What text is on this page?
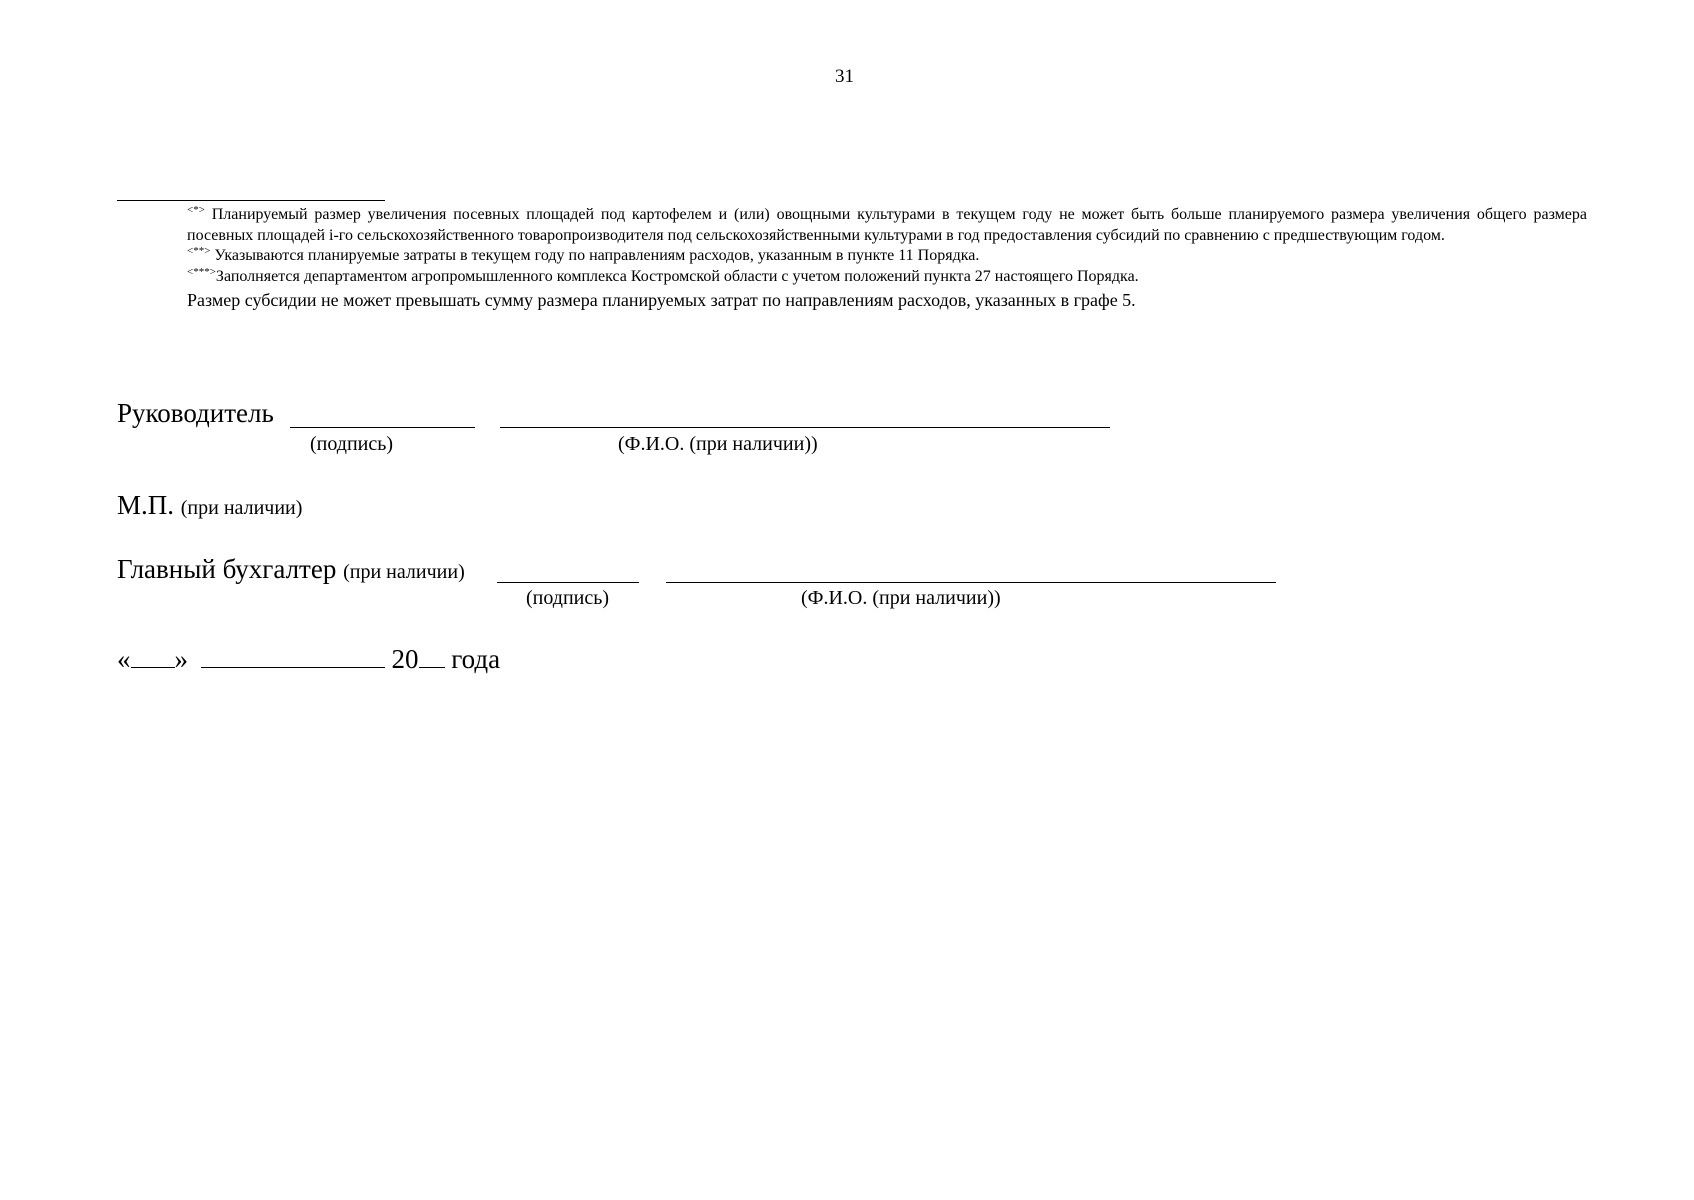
31

<*> Планируемый размер увеличения посевных площадей под картофелем и (или) овощными культурами в текущем году не может быть больше планируемого размера увеличения общего размера посевных площадей i-го сельскохозяйственного товаропроизводителя под сельскохозяйственными культурами в год предоставления субсидий по сравнению с предшествующим годом.

<**> Указываются планируемые затраты в текущем году по направлениям расходов, указанным в пункте 11 Порядка.

<***>Заполняется департаментом агропромышленного комплекса Костромской области с учетом положений пункта 27 настоящего Порядка.

Размер субсидии не может превышать сумму размера планируемых затрат по направлениям расходов, указанных в графе 5.

Руководитель
(подпись)	(Ф.И.О. (при наличии))
М.П. (при наличии)
Главный бухгалтер (при наличии)
(подпись)	(Ф.И.О. (при наличии))
« »	20 года
